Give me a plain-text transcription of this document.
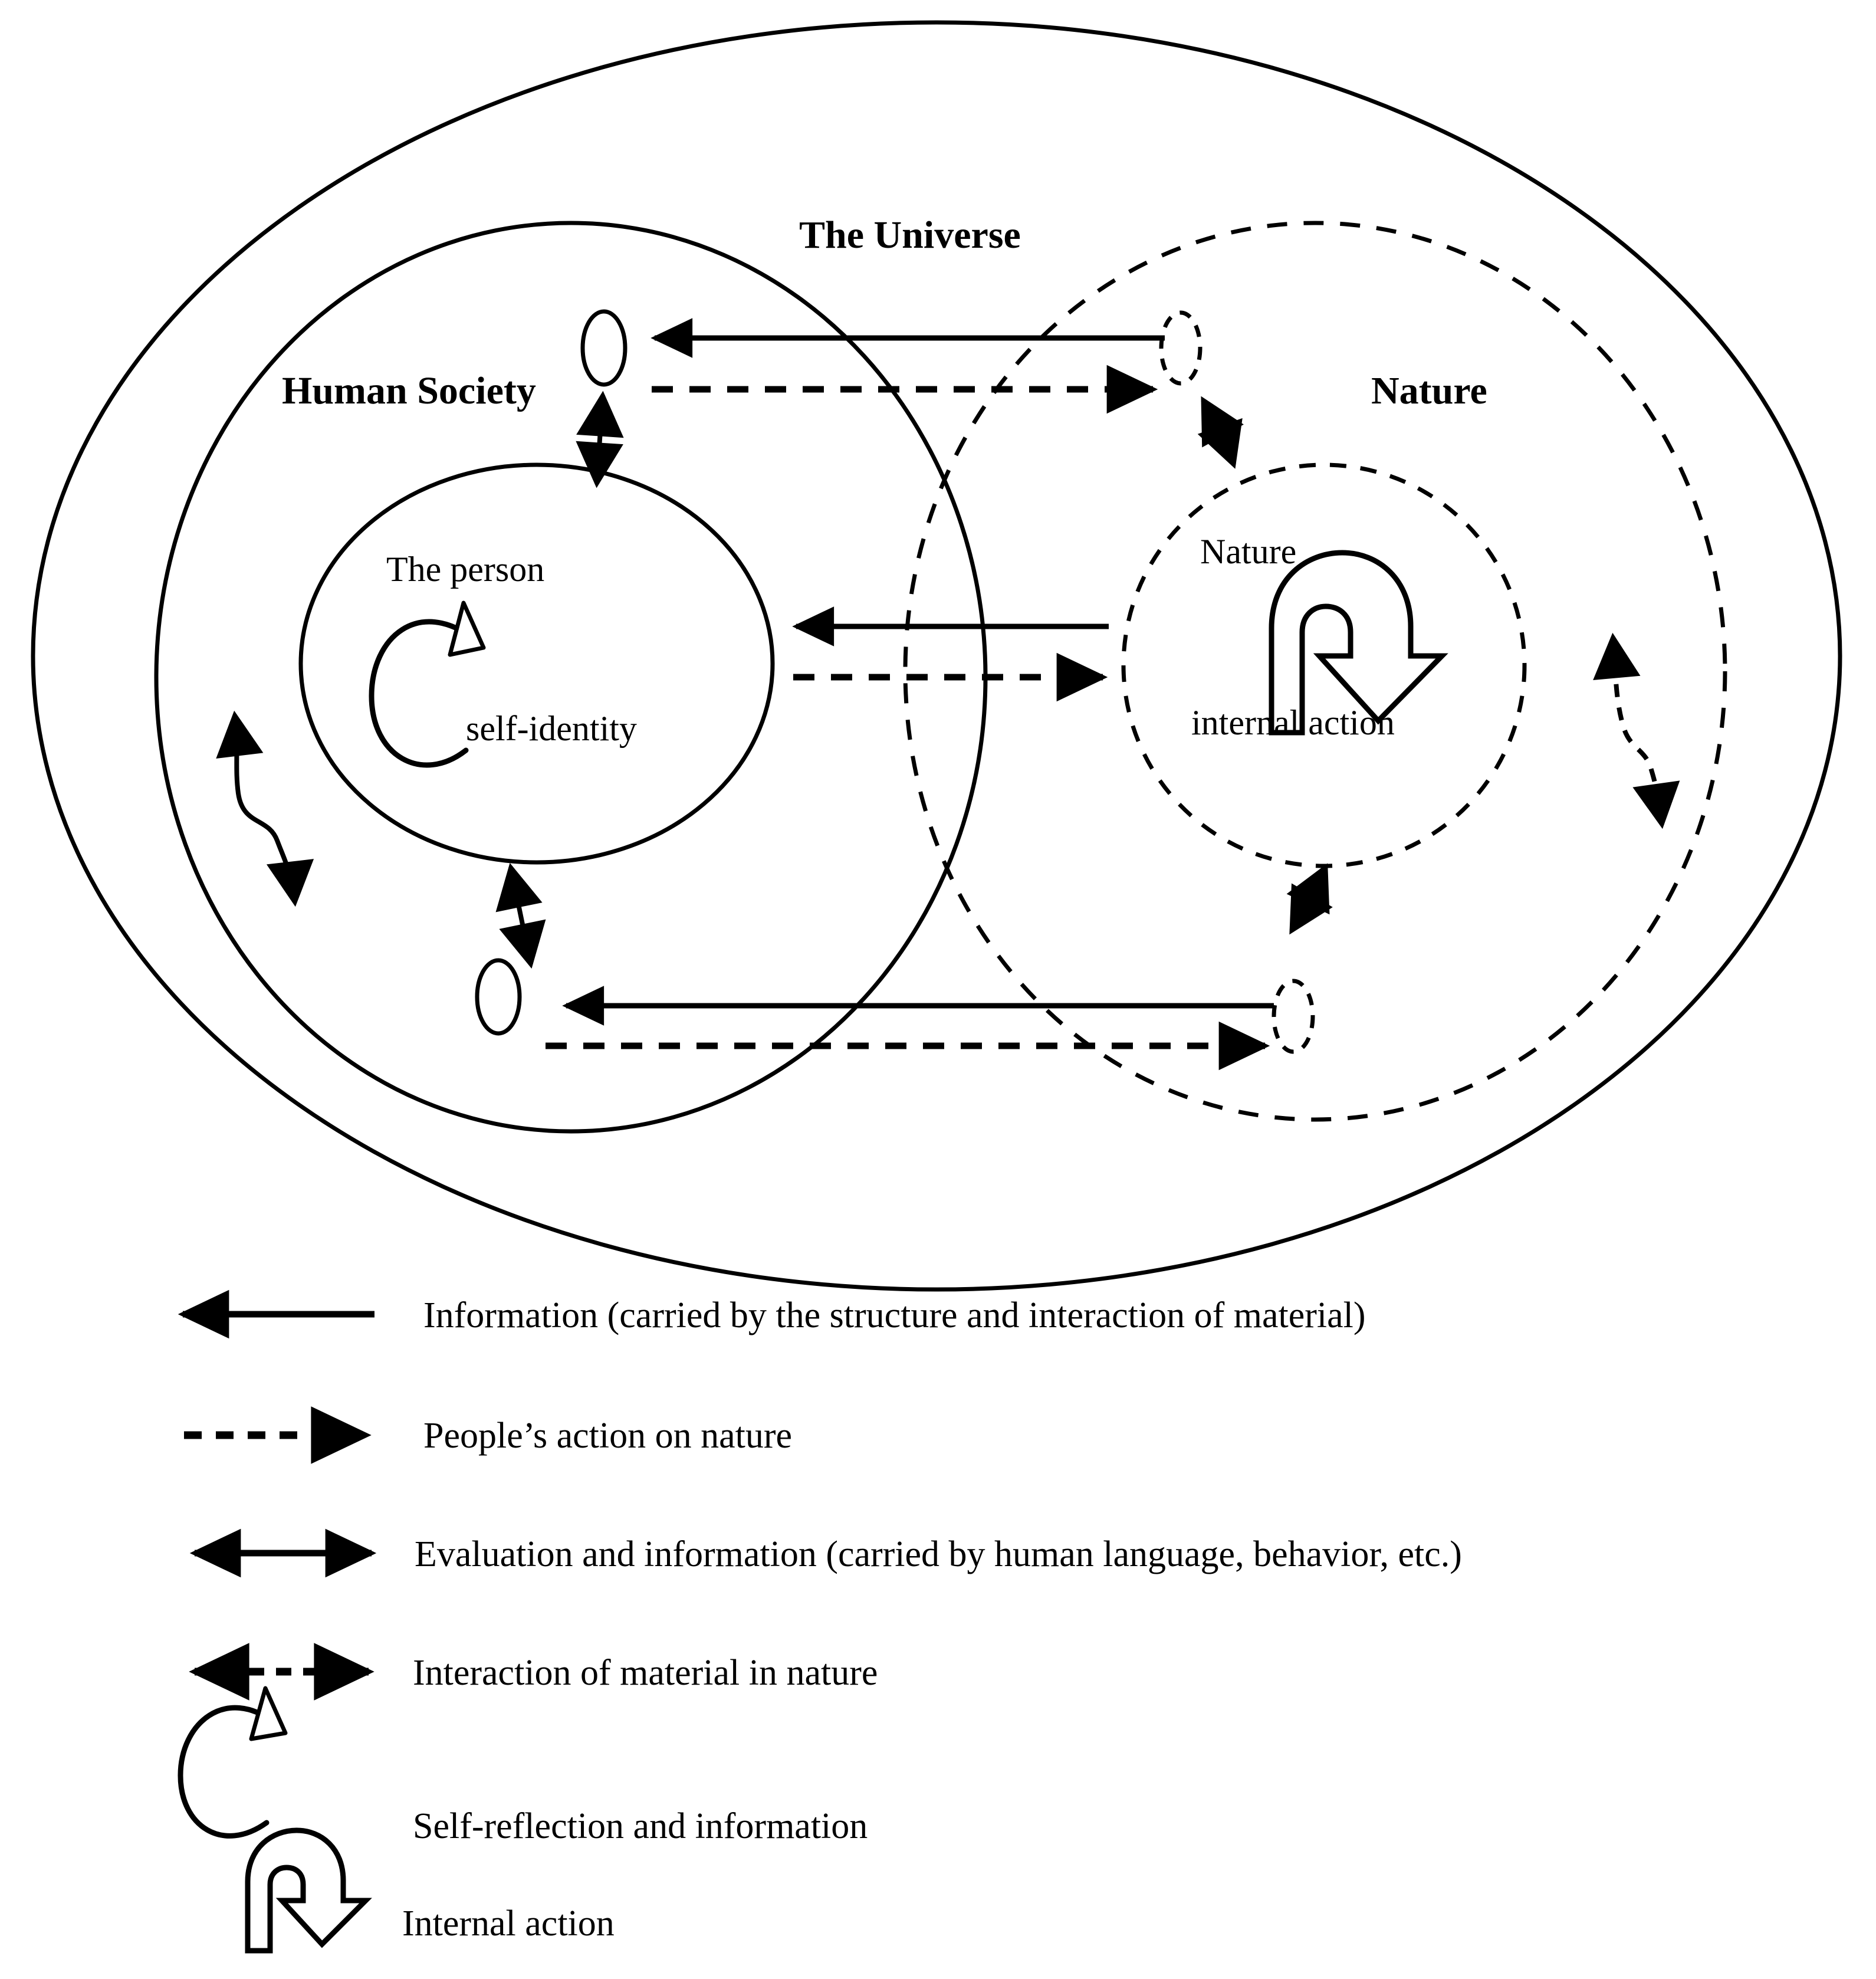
The Universe
Human Society	Nature
The person
self-identity
Nature
internal action
Information (carried by the structure and interaction of material)
People’s action on nature
Evaluation and information (carried by human language, behavior, etc.)
Interaction of material in nature
Self-reflection and information
Internal action
